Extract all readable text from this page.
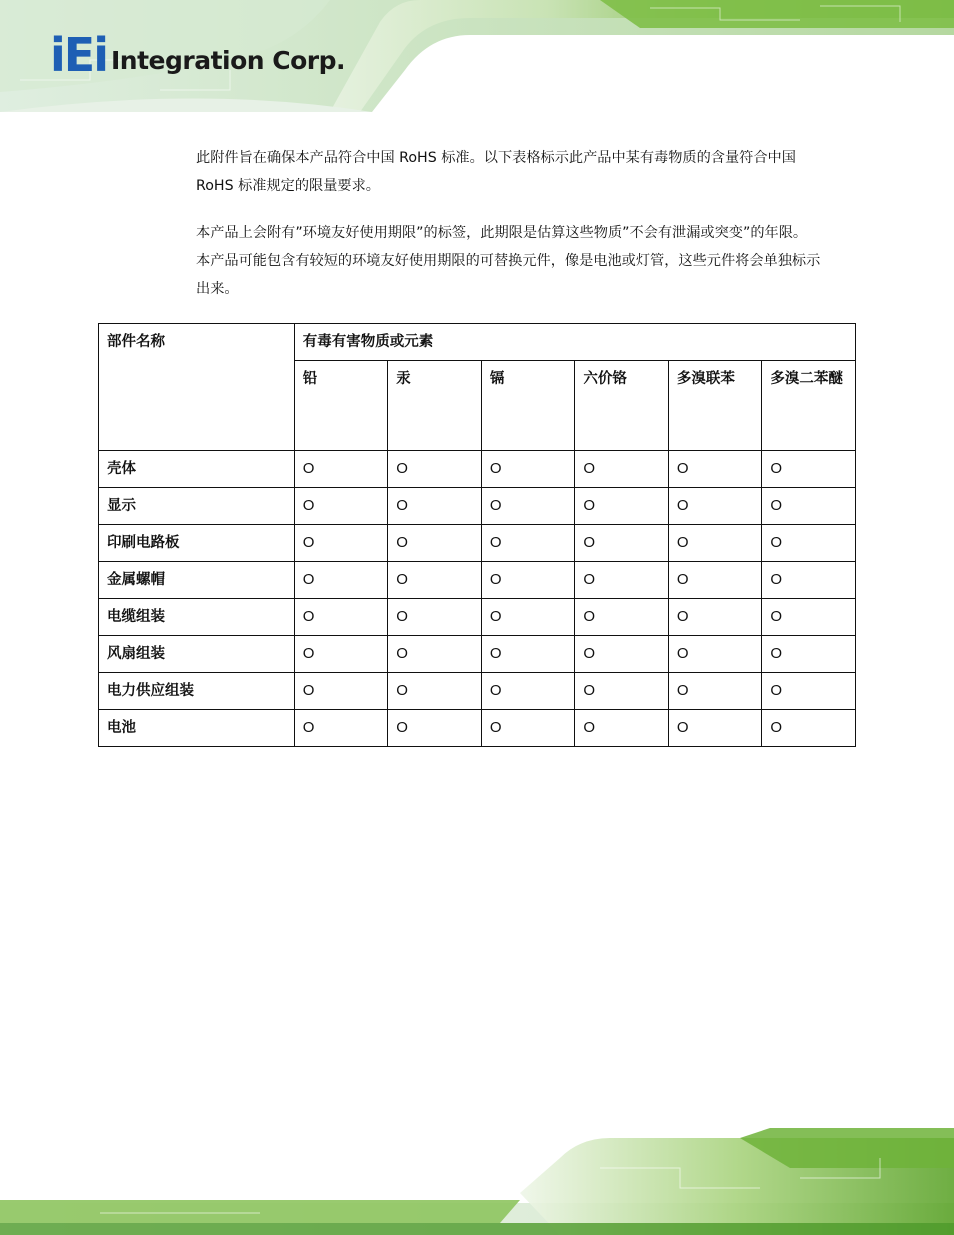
iEi Integration Corp.
此附件旨在确保本产品符合中国 RoHS 标准。以下表格标示此产品中某有毒物质的含量符合中国 RoHS 标准规定的限量要求。
本产品上会附有”环境友好使用期限”的标签，此期限是估算这些物质”不会有泄漏或突变”的年限。本产品可能包含有较短的环境友好使用期限的可替换元件，像是电池或灯管，这些元件将会单独标示出来。
部件名称	有毒有害物质或元素					
	铅	汞	镉	六价铬	多溴联苯	多溴二苯醚
壳体	O	O	O	O	O	O
显示	O	O	O	O	O	O
印刷电路板	O	O	O	O	O	O
金属螺帽	O	O	O	O	O	O
电缆组装	O	O	O	O	O	O
风扇组装	O	O	O	O	O	O
电力供应组装	O	O	O	O	O	O
电池	O	O	O	O	O	O
